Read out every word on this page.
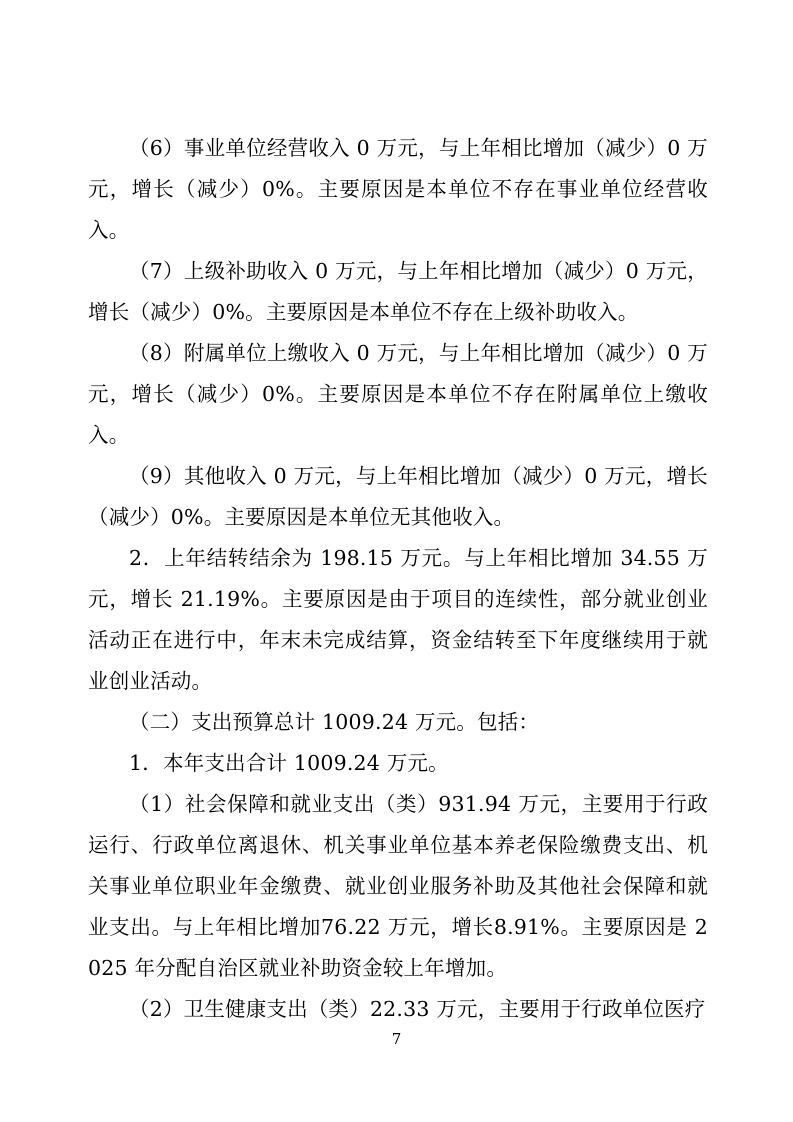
（6）事业单位经营收入 0 万元，与上年相比增加（减少）0 万元，增长（减少）0%。主要原因是本单位不存在事业单位经营收入。

（7）上级补助收入 0 万元，与上年相比增加（减少）0 万元，增长（减少）0%。主要原因是本单位不存在上级补助收入。

（8）附属单位上缴收入 0 万元，与上年相比增加（减少）0 万元，增长（减少）0%。主要原因是本单位不存在附属单位上缴收入。

（9）其他收入 0 万元，与上年相比增加（减少）0 万元，增长（减少）0%。主要原因是本单位无其他收入。

2．上年结转结余为 198.15 万元。与上年相比增加 34.55 万元，增长 21.19%。主要原因是由于项目的连续性，部分就业创业活动正在进行中，年末未完成结算，资金结转至下年度继续用于就业创业活动。

（二）支出预算总计 1009.24 万元。包括：

1．本年支出合计 1009.24 万元。

（1）社会保障和就业支出（类）931.94 万元，主要用于行政运行、行政单位离退休、机关事业单位基本养老保险缴费支出、机关事业单位职业年金缴费、就业创业服务补助及其他社会保障和就业支出。与上年相比增加76.22 万元，增长8.91%。主要原因是 2025 年分配自治区就业补助资金较上年增加。

（2）卫生健康支出（类）22.33 万元，主要用于行政单位医疗

7
